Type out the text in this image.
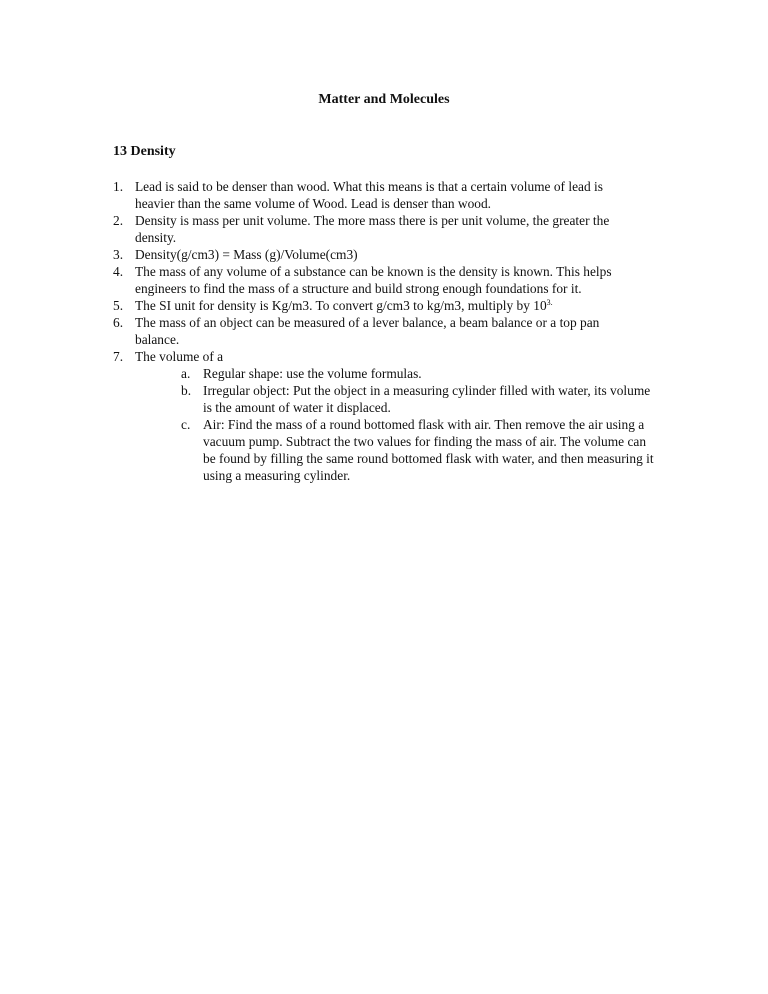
Matter and Molecules
13 Density
1. Lead is said to be denser than wood. What this means is that a certain volume of lead is heavier than the same volume of Wood. Lead is denser than wood.
2. Density is mass per unit volume. The more mass there is per unit volume, the greater the density.
3. Density(g/cm3) = Mass (g)/Volume(cm3)
4. The mass of any volume of a substance can be known is the density is known. This helps engineers to find the mass of a structure and build strong enough foundations for it.
5. The SI unit for density is Kg/m3. To convert g/cm3 to kg/m3, multiply by $10^{3.}$
6. The mass of an object can be measured of a lever balance, a beam balance or a top pan balance.
7. The volume of a
a. Regular shape: use the volume formulas.
b. Irregular object: Put the object in a measuring cylinder filled with water, its volume is the amount of water it displaced.
c. Air: Find the mass of a round bottomed flask with air. Then remove the air using a vacuum pump. Subtract the two values for finding the mass of air. The volume can be found by filling the same round bottomed flask with water, and then measuring it using a measuring cylinder.
